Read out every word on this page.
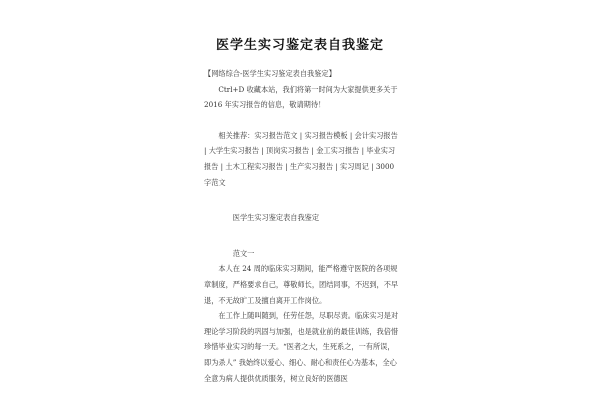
医学生实习鉴定表自我鉴定

【网络综合-医学生实习鉴定表自我鉴定】

Ctrl+D 收藏本站，我们将第一时间为大家提供更多关于 2016 年实习报告的信息，敬请期待！

相关推荐：实习报告范文 | 实习报告模板 | 会计实习报告 | 大学生实习报告 | 顶岗实习报告 | 金工实习报告 | 毕业实习报告 | 土木工程实习报告 | 生产实习报告 | 实习周记 | 3000 字范文

医学生实习鉴定表自我鉴定

范文一

本人在 24 周的临床实习期间，能严格遵守医院的各项规章制度，严格要求自己，尊敬师长，团结同事，不迟到，不早退，不无故旷工及擅自离开工作岗位。

在工作上随叫随到，任劳任怨，尽职尽责。临床实习是对理论学习阶段的巩固与加强，也是就业前的最佳训练，我倍惜珍惜毕业实习的每一天。“医者之大，生死系之，一有所误，即为杀人” 我始终以爱心、细心、耐心和责任心为基本，全心全意为病人提供优质服务，树立良好的医德医
